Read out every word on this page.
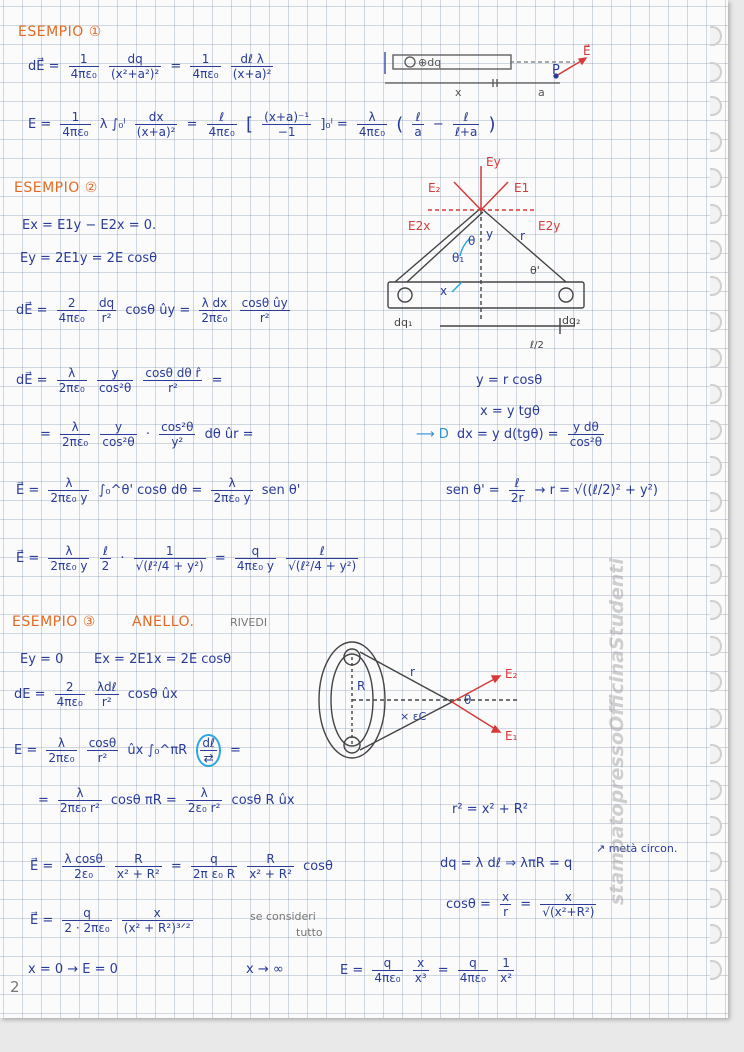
ESEMPIO ①
dE⃗ = $\frac{1}{\text{4πε₀}}$
$\frac{dq}{\text{(x²+a²)²}} = \frac{1}{\text{4πε₀}}$
$\frac{\text{dℓ λ}}{\text{(x+a)²}}$
$E = \frac{1}{\text{4πε₀}}$ λ ∫₀ˡ $\frac{dx}{\text{(x+a)²}} = \frac{\text{ℓ}}{\text{4πε₀}}$ [ $\frac{\text{(x+a)⁻¹}}{-1}$ ]₀ˡ = $\frac{\lambda}{\text{4πε₀}}$ ( $\frac{\text{ℓ}}{a} - \frac{\text{ℓ}}{\text{ℓ+a}}$ )
ESEMPIO ②
Ex = E1y − E2x = 0.
Ey = 2E1y = 2E cosθ
dE⃗ = $\frac{2}{\text{4πε₀}}$
$\frac{dq}{\text{r²}}$ cosθ ûy = $\frac{\text{λ dx}}{\text{2πε₀}}$
$\frac{\text{cosθ ûy}}{\text{r²}}$
dE⃗ = $\frac{\lambda}{\text{2πε₀}}$
$\frac{y}{\text{cos²θ}}$
$\frac{\text{cosθ dθ r̂}}{\text{r²}}$ =
= $\frac{\lambda}{\text{2πε₀}}$
$\frac{y}{\text{cos²θ}} \cdot \frac{\text{cos²θ}}{\text{y²}}$ dθ ûr =
E⃗ = $\frac{\lambda}{\text{2πε₀ y}}$ ∫₀^θ' cosθ $d\theta = \frac{\lambda}{\text{2πε₀ y}}$ sen θ'
E⃗ = $\frac{\lambda}{\text{2πε₀ y}}$
$\frac{\text{ℓ}}{2} \cdot \frac{1}{\text{√(ℓ²/4 + y²)}} = \frac{q}{\text{4πε₀ y}}$
$\frac{\text{ℓ}}{\text{√(ℓ²/4 + y²)}}$
y = r cosθ
x = y tgθ
⟶ D dx = y $d(tg\theta) = \frac{\text{y dθ}}{\text{cos²θ}}$
sen $\theta' = \frac{\text{ℓ}}{2r} \to r$ = √((ℓ/2)² + y²)
ESEMPIO ③	ANELLO.	RIVEDI
Ey = 0 Ex = 2E1x = 2E cosθ
dE = $\frac{2}{\text{4πε₀}}$
$\frac{\text{λdℓ}}{\text{r²}}$ cosθ ûx
$E = \frac{\lambda}{\text{2πε₀}}$
$\frac{\cos\theta}{\text{r²}}$ ûx ∫₀^πR $\frac{\text{dℓ}}{⇄}$ =
= $\frac{\lambda}{\text{2πε₀ r²}}$ cosθ $\pi R = \frac{\lambda}{\text{2ε₀ r²}}$ cosθ R ûx
r² = x² + R²
E⃗ = $\frac{\text{λ cosθ}}{\text{2ε₀}}$
$\frac{R}{\text{x² + R²}} = \frac{q}{\text{2π ε₀ R}}$
$\frac{R}{\text{x² + R²}}$ cosθ
↗ metà circon.
dq = λ dℓ ⇒ λπR = q
$\cos\theta = \frac{x}{r} = \frac{x}{\text{√(x²+R²)}}$
E⃗ = $\frac{q}{\text{2 · 2πε₀}}$
$\frac{x}{\text{(x² + R²)³ᐟ²}}$	se consideri
tutto
x = 0 → E = 0	x → ∞	$E = \frac{q}{\text{4πε₀}}$
$\frac{x}{\text{x³}} = \frac{q}{\text{4πε₀}}$
$\frac{1}{\text{x²}}$
2
stampatopressoOfficinaStudenti
⊕dq
x	a
P
E⃗
Ey
E₂	E1
E2x	E2y
y
θ
θ₁
r
x
θ'
dq₁	dq₂
ℓ/2
R
r
× εC
θ
E₂
E₁
